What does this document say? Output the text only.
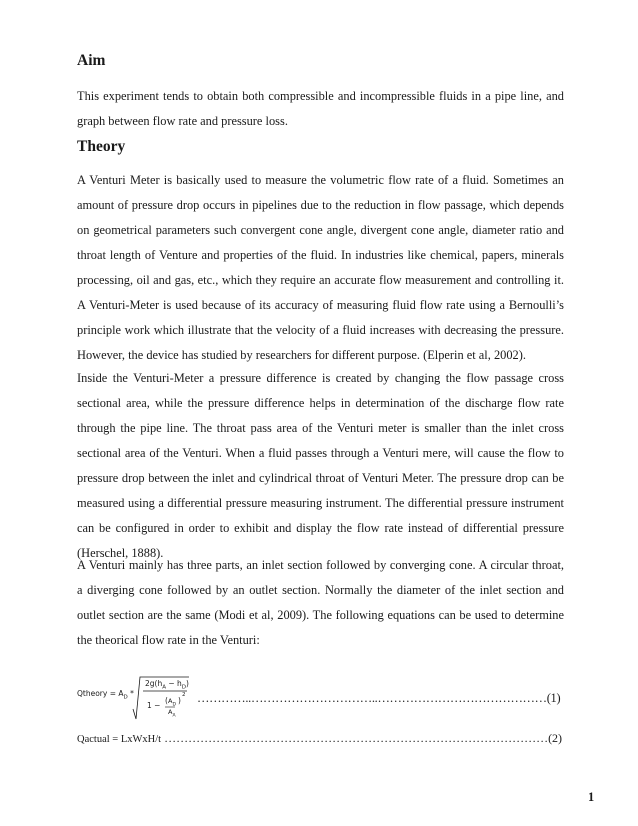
Aim

This experiment tends to obtain both compressible and incompressible fluids in a pipe line, and graph between flow rate and pressure loss.

Theory

A Venturi Meter is basically used to measure the volumetric flow rate of a fluid. Sometimes an amount of pressure drop occurs in pipelines due to the reduction in flow passage, which depends on geometrical parameters such convergent cone angle, divergent cone angle, diameter ratio and throat length of Venture and properties of the fluid. In industries like chemical, papers, minerals processing, oil and gas, etc., which they require an accurate flow measurement and controlling it. A Venturi-Meter is used because of its accuracy of measuring fluid flow rate using a Bernoulli’s principle work which illustrate that the velocity of a fluid increases with decreasing the pressure. However, the device has studied by researchers for different purpose. (Elperin et al, 2002).

Inside the Venturi-Meter a pressure difference is created by changing the flow passage cross sectional area, while the pressure difference helps in determination of the discharge flow rate through the pipe line. The throat pass area of the Venturi meter is smaller than the inlet cross sectional area of the Venturi. When a fluid passes through a Venturi mere, will cause the flow to pressure drop between the inlet and cylindrical throat of Venturi Meter. The pressure drop can be measured using a differential pressure measuring instrument. The differential pressure instrument can be configured in order to exhibit and display the flow rate instead of differential pressure (Herschel, 1888).

A Venturi mainly has three parts, an inlet section followed by converging cone. A circular throat, a diverging cone followed by an outlet section. Normally the diameter of the inlet section and outlet section are the same (Modi et al, 2009). The following equations can be used to determine the theorical flow rate in the Venturi:

Qtheory = $A_D$ *
$2g(h_A - h_D)$
1 −
( $A_D$
$A_A$
)
2 …………..…………………………..……………………………………(1)
Qactual = LxWxH/t ……………………………………………………………………………………(2)
1
